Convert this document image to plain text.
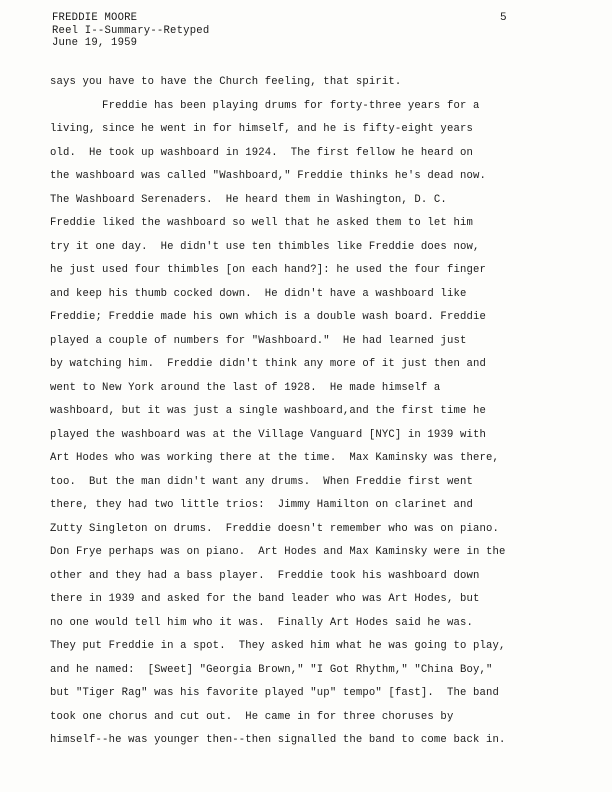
FREDDIE MOORE
Reel I--Summary--Retyped
June 19, 1959
5
says you have to have the Church feeling, that spirit.
Freddie has been playing drums for forty-three years for a
living, since he went in for himself, and he is fifty-eight years
old.  He took up washboard in 1924.  The first fellow he heard on
the washboard was called "Washboard," Freddie thinks he's dead now.
The Washboard Serenaders.  He heard them in Washington, D. C.
Freddie liked the washboard so well that he asked them to let him
try it one day.  He didn't use ten thimbles like Freddie does now,
he just used four thimbles [on each hand?]: he used the four finger
and keep his thumb cocked down.  He didn't have a washboard like
Freddie; Freddie made his own which is a double wash board. Freddie
played a couple of numbers for "Washboard."  He had learned just
by watching him.  Freddie didn't think any more of it just then and
went to New York around the last of 1928.  He made himself a
washboard, but it was just a single washboard,and the first time he
played the washboard was at the Village Vanguard [NYC] in 1939 with
Art Hodes who was working there at the time.  Max Kaminsky was there,
too.  But the man didn't want any drums.  When Freddie first went
there, they had two little trios:  Jimmy Hamilton on clarinet and
Zutty Singleton on drums.  Freddie doesn't remember who was on piano.
Don Frye perhaps was on piano.  Art Hodes and Max Kaminsky were in the
other and they had a bass player.  Freddie took his washboard down
there in 1939 and asked for the band leader who was Art Hodes, but
no one would tell him who it was.  Finally Art Hodes said he was.
They put Freddie in a spot.  They asked him what he was going to play,
and he named:  [Sweet] "Georgia Brown," "I Got Rhythm," "China Boy,"
but "Tiger Rag" was his favorite played "up" tempo" [fast].  The band
took one chorus and cut out.  He came in for three choruses by
himself--he was younger then--then signalled the band to come back in.
